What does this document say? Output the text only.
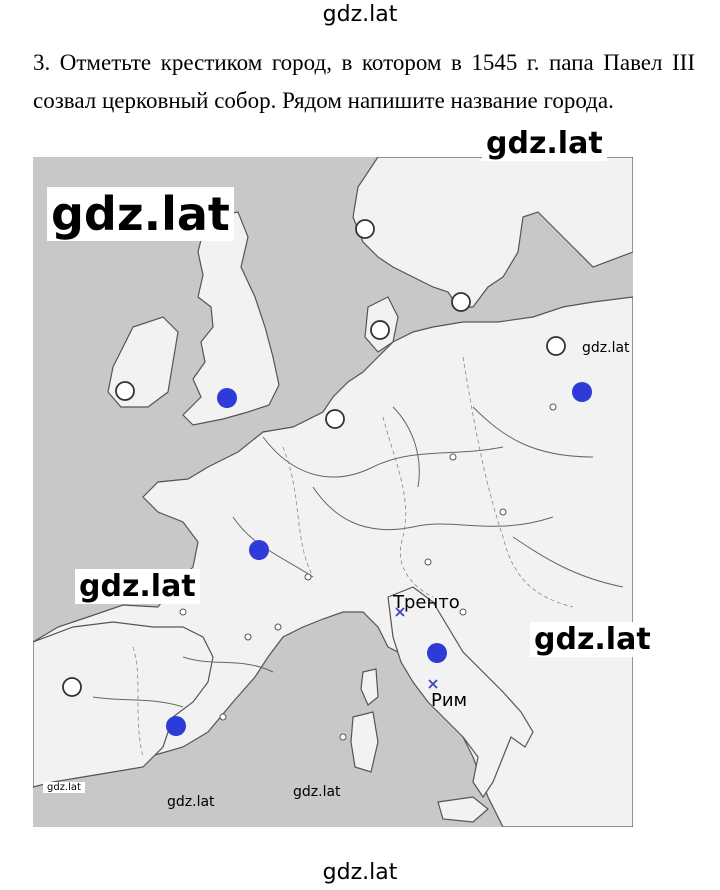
gdz.lat
3. Отметьте крестиком город, в котором в 1545 г. папа Павел III созвал церковный собор. Рядом напишите название города.
Тренто
Рим
gdz.lat
gdz.lat
gdz.lat
gdz.lat
gdz.lat
gdz.lat
gdz.lat
gdz.lat
gdz.lat
